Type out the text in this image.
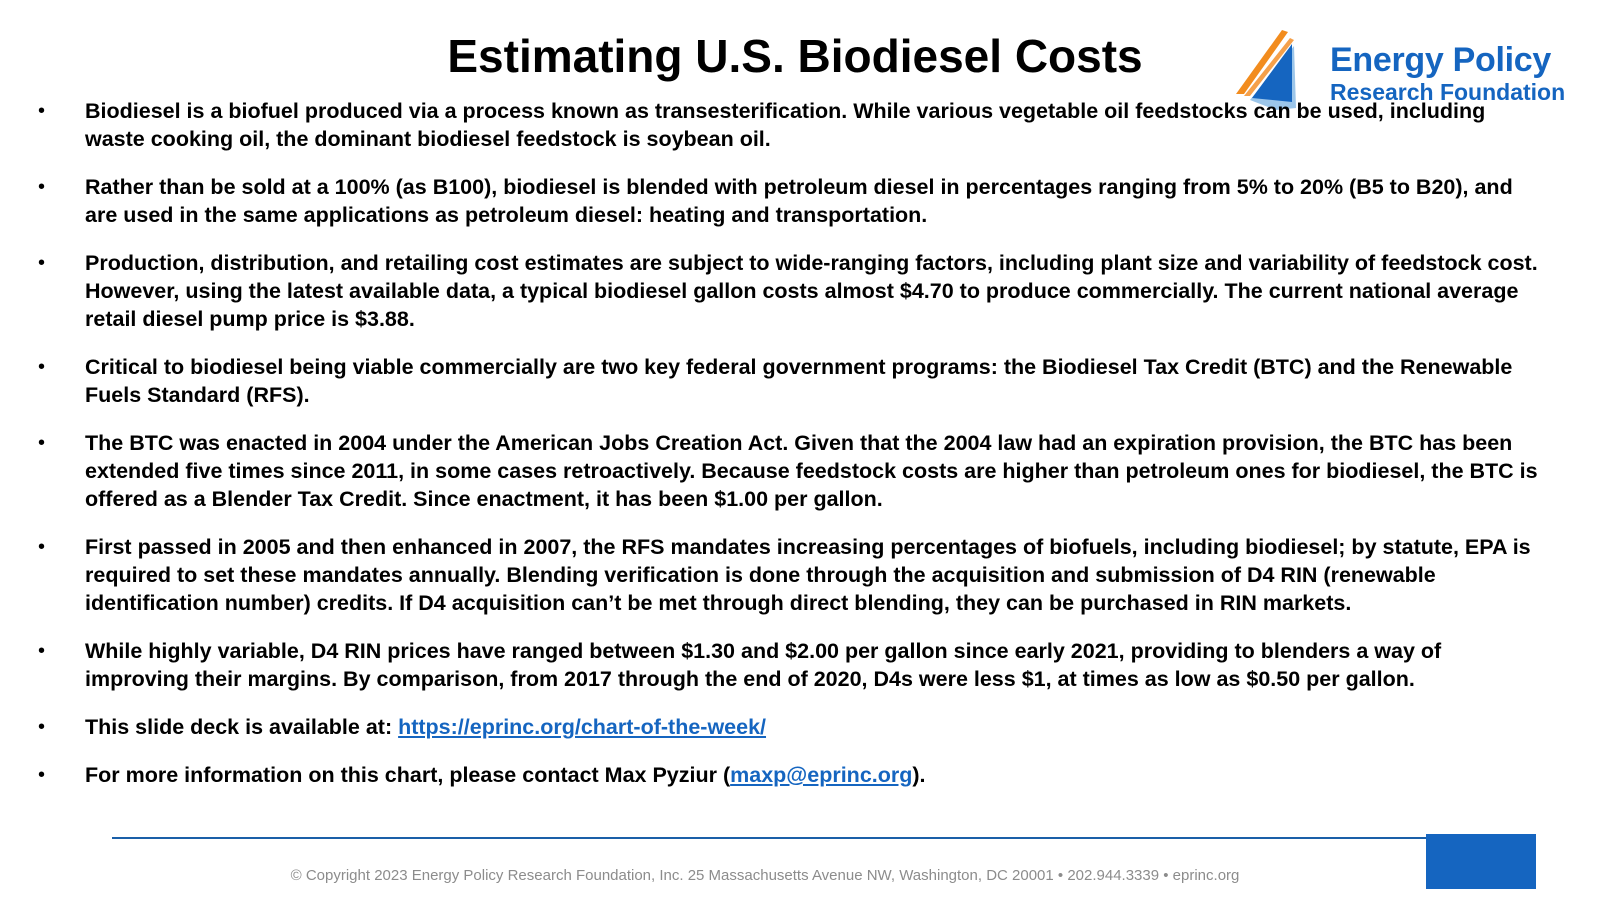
Estimating U.S. Biodiesel Costs	Energy Policy
Research Foundation
•	Biodiesel is a biofuel produced via a process known as transesterification. While various vegetable oil feedstocks can be used, including waste cooking oil, the dominant biodiesel feedstock is soybean oil.
•	Rather than be sold at a 100% (as B100), biodiesel is blended with petroleum diesel in percentages ranging from 5% to 20% (B5 to B20), and are used in the same applications as petroleum diesel: heating and transportation.
•	Production, distribution, and retailing cost estimates are subject to wide-ranging factors, including plant size and variability of feedstock cost. However, using the latest available data, a typical biodiesel gallon costs almost $4.70 to produce commercially. The current national average retail diesel pump price is $3.88.
•	Critical to biodiesel being viable commercially are two key federal government programs: the Biodiesel Tax Credit (BTC) and the Renewable Fuels Standard (RFS).
•	The BTC was enacted in 2004 under the American Jobs Creation Act. Given that the 2004 law had an expiration provision, the BTC has been extended five times since 2011, in some cases retroactively. Because feedstock costs are higher than petroleum ones for biodiesel, the BTC is offered as a Blender Tax Credit. Since enactment, it has been $1.00 per gallon.
•	First passed in 2005 and then enhanced in 2007, the RFS mandates increasing percentages of biofuels, including biodiesel; by statute, EPA is required to set these mandates annually. Blending verification is done through the acquisition and submission of D4 RIN (renewable identification number) credits. If D4 acquisition can’t be met through direct blending, they can be purchased in RIN markets.
•	While highly variable, D4 RIN prices have ranged between $1.30 and $2.00 per gallon since early 2021, providing to blenders a way of improving their margins. By comparison, from 2017 through the end of 2020, D4s were less $1, at times as low as $0.50 per gallon.
•	This slide deck is available at: https://eprinc.org/chart-of-the-week/
•	For more information on this chart, please contact Max Pyziur (maxp@eprinc.org).
© Copyright 2023 Energy Policy Research Foundation, Inc. 25 Massachusetts Avenue NW, Washington, DC 20001 • 202.944.3339 • eprinc.org
